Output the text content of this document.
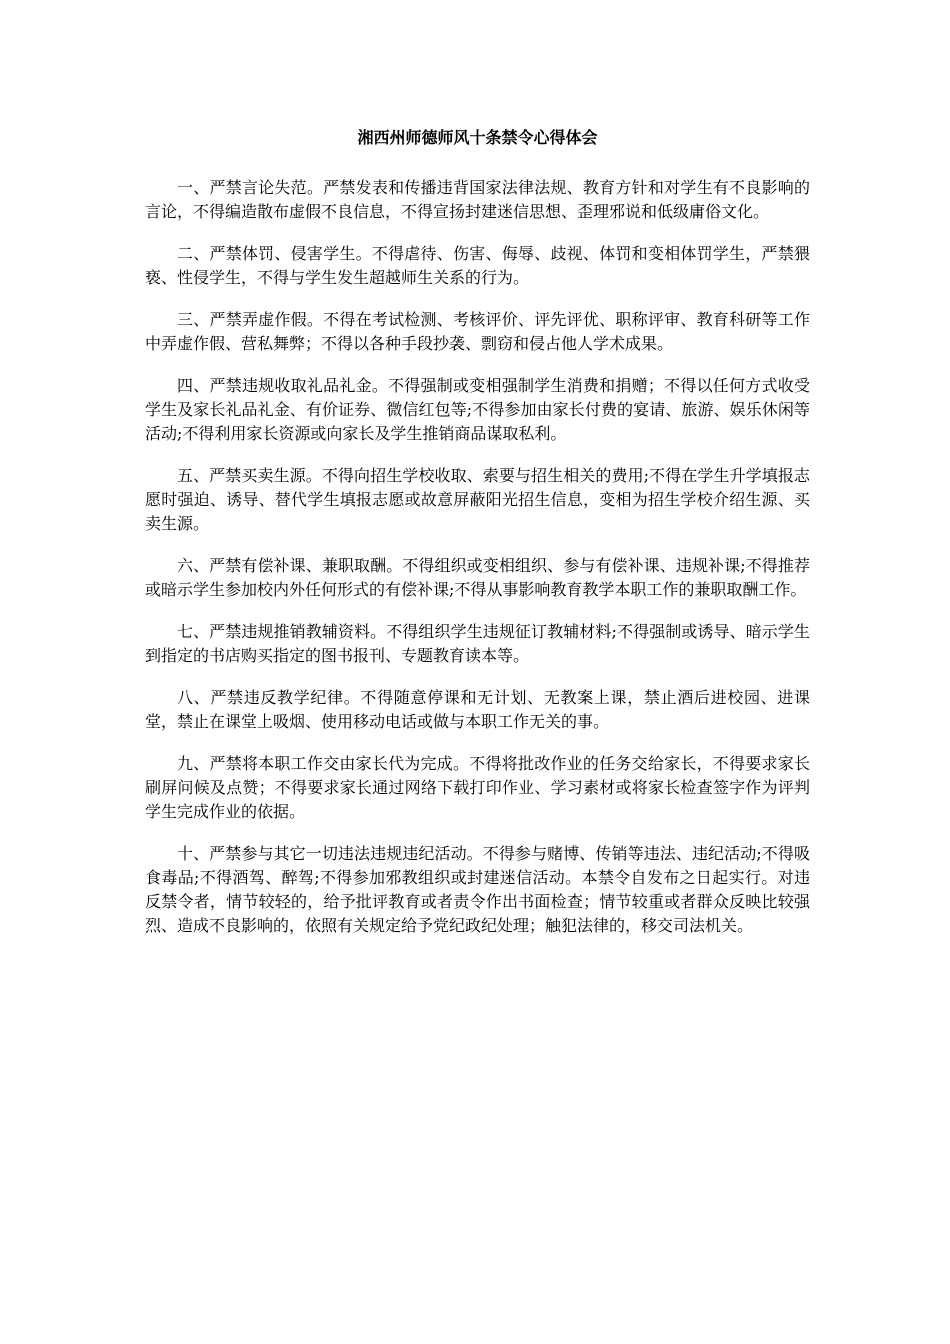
湘西州师德师风十条禁令心得体会

一、严禁言论失范。严禁发表和传播违背国家法律法规、教育方针和对学生有不良影响的言论，不得编造散布虚假不良信息，不得宣扬封建迷信思想、歪理邪说和低级庸俗文化。

二、严禁体罚、侵害学生。不得虐待、伤害、侮辱、歧视、体罚和变相体罚学生，严禁猥亵、性侵学生，不得与学生发生超越师生关系的行为。

三、严禁弄虚作假。不得在考试检测、考核评价、评先评优、职称评审、教育科研等工作中弄虚作假、营私舞弊；不得以各种手段抄袭、剽窃和侵占他人学术成果。

四、严禁违规收取礼品礼金。不得强制或变相强制学生消费和捐赠；不得以任何方式收受学生及家长礼品礼金、有价证券、微信红包等;不得参加由家长付费的宴请、旅游、娱乐休闲等活动;不得利用家长资源或向家长及学生推销商品谋取私利。

五、严禁买卖生源。不得向招生学校收取、索要与招生相关的费用;不得在学生升学填报志愿时强迫、诱导、替代学生填报志愿或故意屏蔽阳光招生信息，变相为招生学校介绍生源、买卖生源。

六、严禁有偿补课、兼职取酬。不得组织或变相组织、参与有偿补课、违规补课;不得推荐或暗示学生参加校内外任何形式的有偿补课;不得从事影响教育教学本职工作的兼职取酬工作。

七、严禁违规推销教辅资料。不得组织学生违规征订教辅材料;不得强制或诱导、暗示学生到指定的书店购买指定的图书报刊、专题教育读本等。

八、严禁违反教学纪律。不得随意停课和无计划、无教案上课，禁止酒后进校园、进课堂，禁止在课堂上吸烟、使用移动电话或做与本职工作无关的事。

九、严禁将本职工作交由家长代为完成。不得将批改作业的任务交给家长，不得要求家长刷屏问候及点赞；不得要求家长通过网络下载打印作业、学习素材或将家长检查签字作为评判学生完成作业的依据。

十、严禁参与其它一切违法违规违纪活动。不得参与赌博、传销等违法、违纪活动;不得吸食毒品;不得酒驾、醉驾;不得参加邪教组织或封建迷信活动。本禁令自发布之日起实行。对违反禁令者，情节较轻的，给予批评教育或者责令作出书面检查；情节较重或者群众反映比较强烈、造成不良影响的，依照有关规定给予党纪政纪处理；触犯法律的，移交司法机关。
